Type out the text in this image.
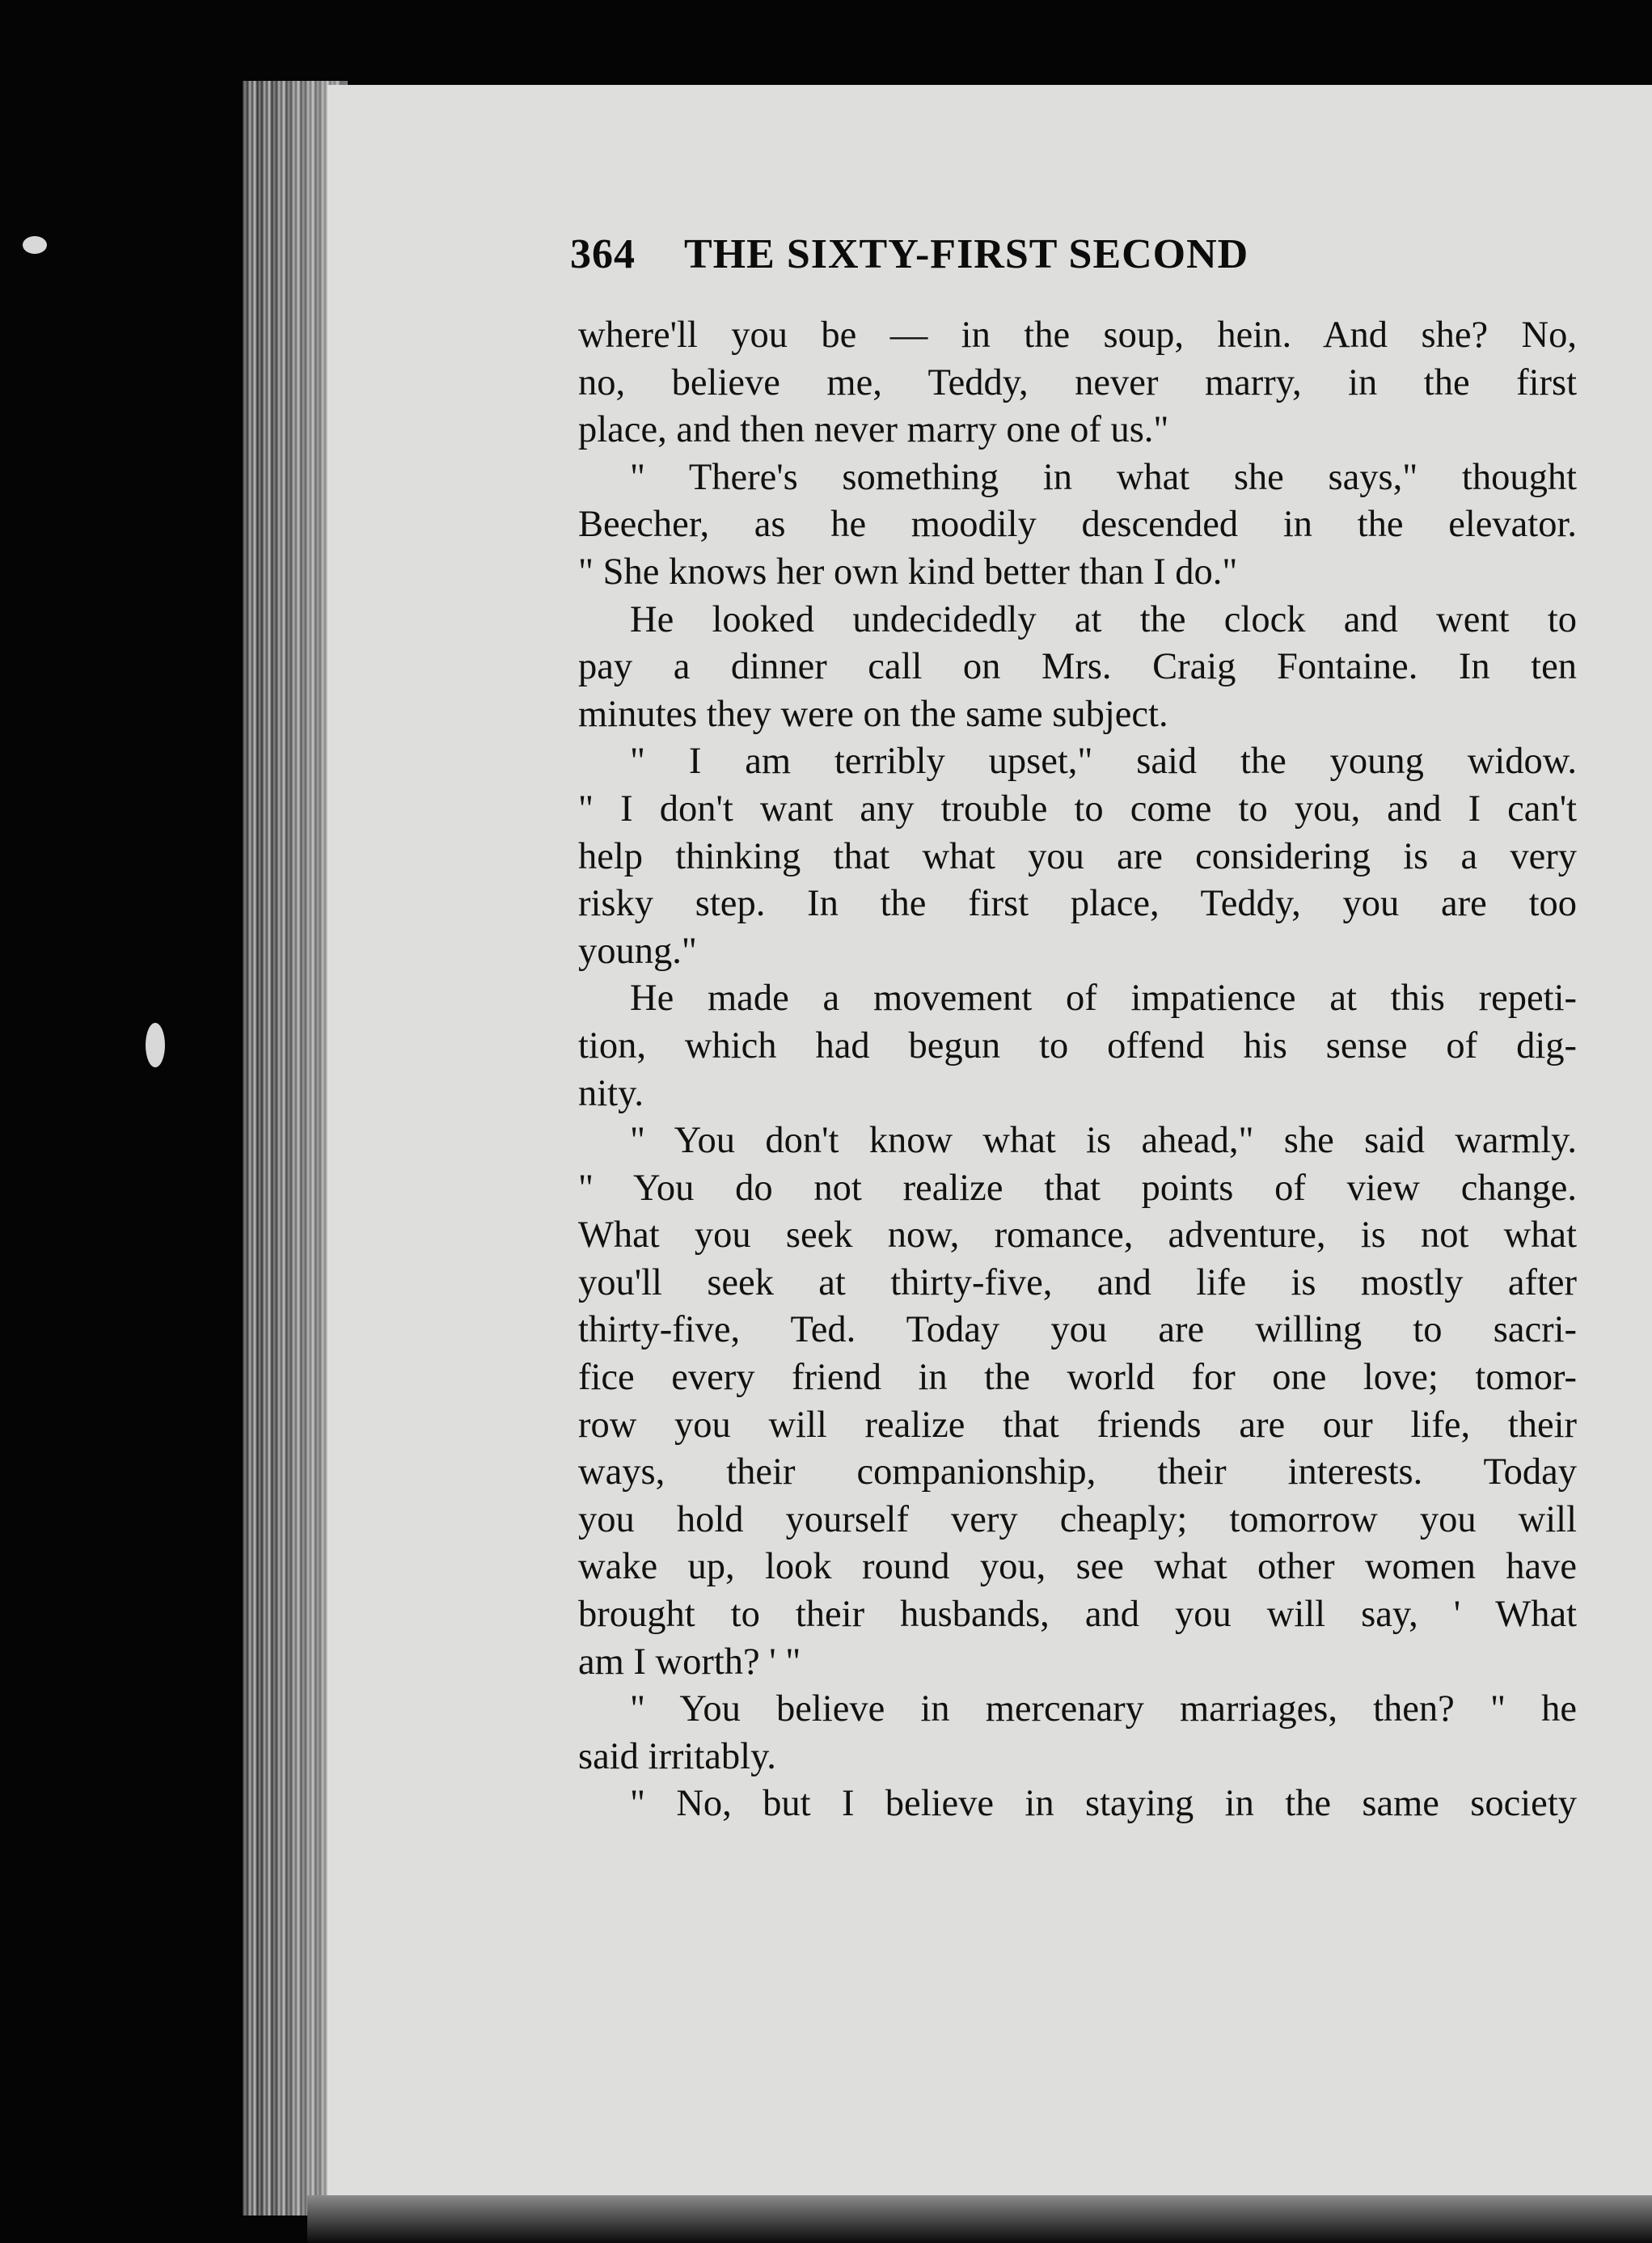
364 THE SIXTY-FIRST SECOND
where'll you be — in the soup, hein. And she? No,
no, believe me, Teddy, never marry, in the first
place, and then never marry one of us."
" There's something in what she says," thought
Beecher, as he moodily descended in the elevator.
" She knows her own kind better than I do."
He looked undecidedly at the clock and went to
pay a dinner call on Mrs. Craig Fontaine. In ten
minutes they were on the same subject.
" I am terribly upset," said the young widow.
" I don't want any trouble to come to you, and I can't
help thinking that what you are considering is a very
risky step. In the first place, Teddy, you are too
young."
He made a movement of impatience at this repeti-
tion, which had begun to offend his sense of dig-
nity.
" You don't know what is ahead," she said warmly.
" You do not realize that points of view change.
What you seek now, romance, adventure, is not what
you'll seek at thirty-five, and life is mostly after
thirty-five, Ted. Today you are willing to sacri-
fice every friend in the world for one love; tomor-
row you will realize that friends are our life, their
ways, their companionship, their interests. Today
you hold yourself very cheaply; tomorrow you will
wake up, look round you, see what other women have
brought to their husbands, and you will say, ' What
am I worth? ' "
" You believe in mercenary marriages, then? " he
said irritably.
" No, but I believe in staying in the same society
